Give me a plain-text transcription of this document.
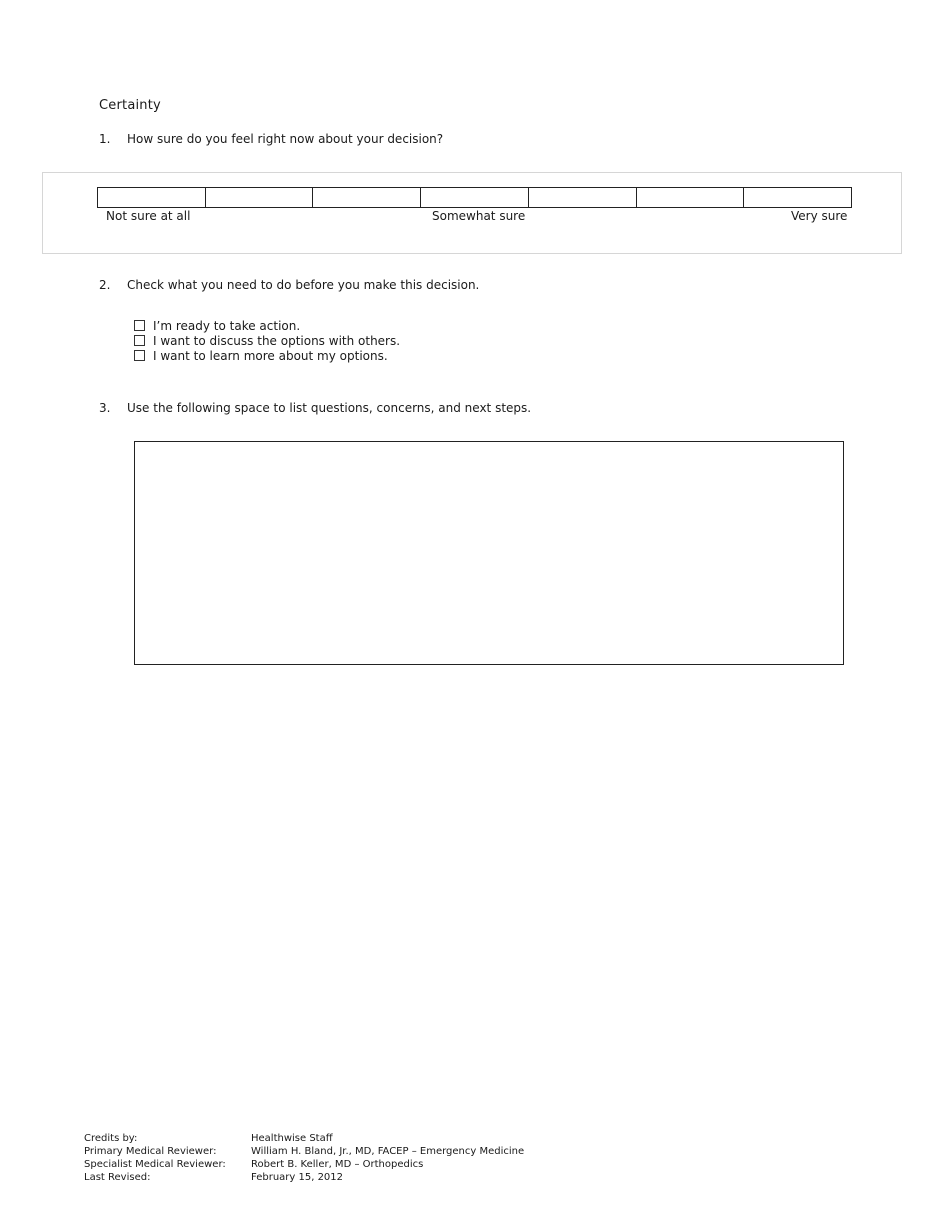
Certainty
1.	How sure do you feel right now about your decision?
Not sure at all	Somewhat sure	Very sure
2.	Check what you need to do before you make this decision.
I’m ready to take action.
I want to discuss the options with others.
I want to learn more about my options.
3.	Use the following space to list questions, concerns, and next steps.
Credits by:	Healthwise Staff
Primary Medical Reviewer:	William H. Bland, Jr., MD, FACEP – Emergency Medicine
Specialist Medical Reviewer:	Robert B. Keller, MD – Orthopedics
Last Revised:	February 15, 2012
